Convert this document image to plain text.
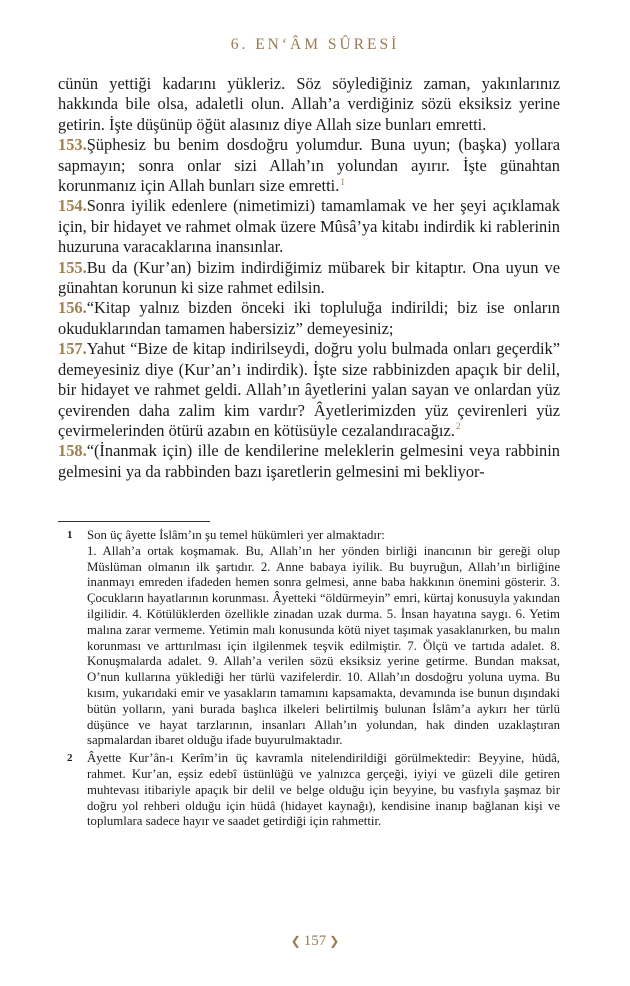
6. EN‘ÂM SÛRESİ

cünün yettiği kadarını yükleriz. Söz söylediğiniz zaman, yakınlarınız hakkında bile olsa, adaletli olun. Allah’a verdiğiniz sözü eksiksiz yerine getirin. İşte düşünüp öğüt alasınız diye Allah size bunları emretti.

153.Şüphesiz bu benim dosdoğru yolumdur. Buna uyun; (başka) yollara sapmayın; sonra onlar sizi Allah’ın yolundan ayırır. İşte günahtan korunmanız için Allah bunları size emretti.$^1$

154.Sonra iyilik edenlere (nimetimizi) tamamlamak ve her şeyi açıklamak için, bir hidayet ve rahmet olmak üzere Mûsâ’ya kitabı indirdik ki rablerinin huzuruna varacaklarına inansınlar.

155.Bu da (Kur’an) bizim indirdiğimiz mübarek bir kitaptır. Ona uyun ve günahtan korunun ki size rahmet edilsin.

156.“Kitap yalnız bizden önceki iki topluluğa indirildi; biz ise onların okuduklarından tamamen habersiziz” demeyesiniz;

157.Yahut “Bize de kitap indirilseydi, doğru yolu bulmada onları geçerdik” demeyesiniz diye (Kur’an’ı indirdik). İşte size rabbinizden apaçık bir delil, bir hidayet ve rahmet geldi. Allah’ın âyetlerini yalan sayan ve onlardan yüz çevirenden daha zalim kim vardır? Âyetlerimizden yüz çevirenleri yüz çevirmelerinden ötürü azabın en kötüsüyle cezalandıracağız.$^2$

158.“(İnanmak için) ille de kendilerine meleklerin gelmesini veya rabbinin gelmesini ya da rabbinden bazı işaretlerin gelmesini mi bekliyor-

1	Son üç âyette İslâm’ın şu temel hükümleri yer almaktadır:
1. Allah’a ortak koşmamak. Bu, Allah’ın her yönden birliği inancının bir gereği olup Müslüman olmanın ilk şartıdır. 2. Anne babaya iyilik. Bu buyruğun, Allah’ın birliğine inanmayı emreden ifadeden hemen sonra gelmesi, anne baba hakkının önemini gösterir. 3. Çocukların hayatlarının korunması. Âyetteki “öldürmeyin” emri, kürtaj konusuyla yakından ilgilidir. 4. Kötülüklerden özellikle zinadan uzak durma. 5. İnsan hayatına saygı. 6. Yetim malına zarar vermeme. Yetimin malı konusunda kötü niyet taşımak yasaklanırken, bu malın korunması ve arttırılması için ilgilenmek teşvik edilmiştir. 7. Ölçü ve tartıda adalet. 8. Konuşmalarda adalet. 9. Allah’a verilen sözü eksiksiz yerine getirme. Bundan maksat, O’nun kullarına yüklediği her türlü vazifelerdir. 10. Allah’ın dosdoğru yoluna uyma. Bu kısım, yukarıdaki emir ve yasakların tamamını kapsamakta, devamında ise bunun dışındaki bütün yolların, yani burada başlıca ilkeleri belirtilmiş bulunan İslâm’a aykırı her türlü düşünce ve hayat tarzlarının, insanları Allah’ın yolundan, hak dinden uzaklaştıran sapmalardan ibaret olduğu ifade buyurulmaktadır.
2	Âyette Kur’ân-ı Kerîm’in üç kavramla nitelendirildiği görülmektedir: Beyyine, hüdâ, rahmet. Kur’an, eşsiz edebî üstünlüğü ve yalnızca gerçeği, iyiyi ve güzeli dile getiren muhtevası itibariyle apaçık bir delil ve belge olduğu için beyyine, bu vasfıyla şaşmaz bir doğru yol rehberi olduğu için hüdâ (hidayet kaynağı), kendisine inanıp bağlanan kişi ve toplumlara sadece hayır ve saadet getirdiği için rahmettir.
❮ 157 ❯
